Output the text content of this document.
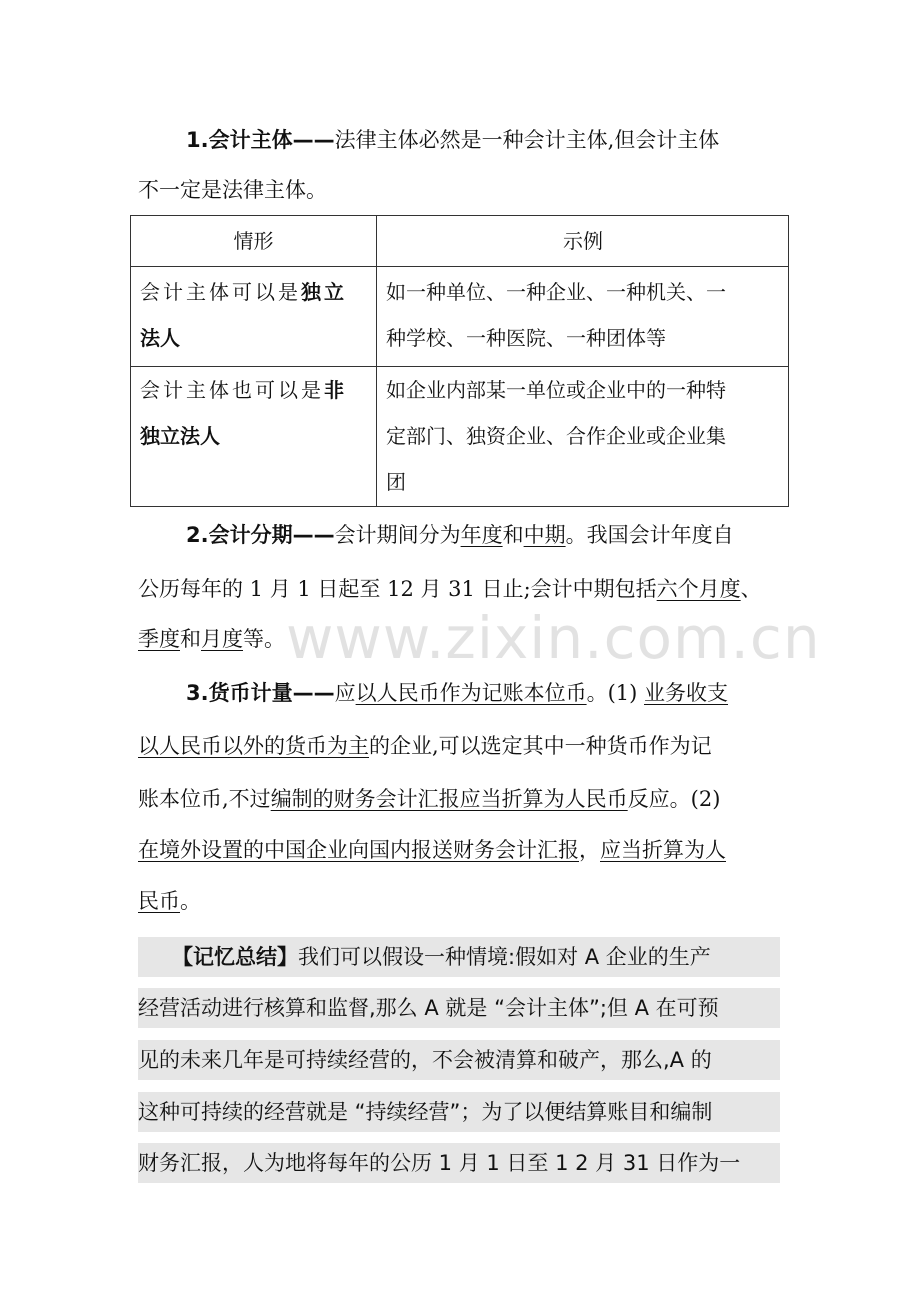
1.会计主体——法律主体必然是一种会计主体,但会计主体
不一定是法律主体。
情形	示例
会计主体可以是独立
法人
如一种单位、一种企业、一种机关、一
种学校、一种医院、一种团体等
会计主体也可以是非
独立法人
如企业内部某一单位或企业中的一种特
定部门、独资企业、合作企业或企业集
团
2.会计分期——会计期间分为年度和中期。我国会计年度自
公历每年的 1 月 1 日起至 12 月 31 日止;会计中期包括六个月度、
季度和月度等。 www.zixin.com.cn
3.货币计量——应以人民币作为记账本位币。(1) 业务收支
以人民币以外的货币为主的企业,可以选定其中一种货币作为记
账本位币,不过编制的财务会计汇报应当折算为人民币反应。(2)
在境外设置的中国企业向国内报送财务会计汇报，应当折算为人
民币。
【记忆总结】我们可以假设一种情境:假如对 A 企业的生产
经营活动进行核算和监督,那么 A 就是 “会计主体”;但 A 在可预
见的未来几年是可持续经营的，不会被清算和破产，那么,A 的
这种可持续的经营就是 “持续经营”；为了以便结算账目和编制
财务汇报，人为地将每年的公历 1 月 1 日至 1 2 月 31 日作为一
